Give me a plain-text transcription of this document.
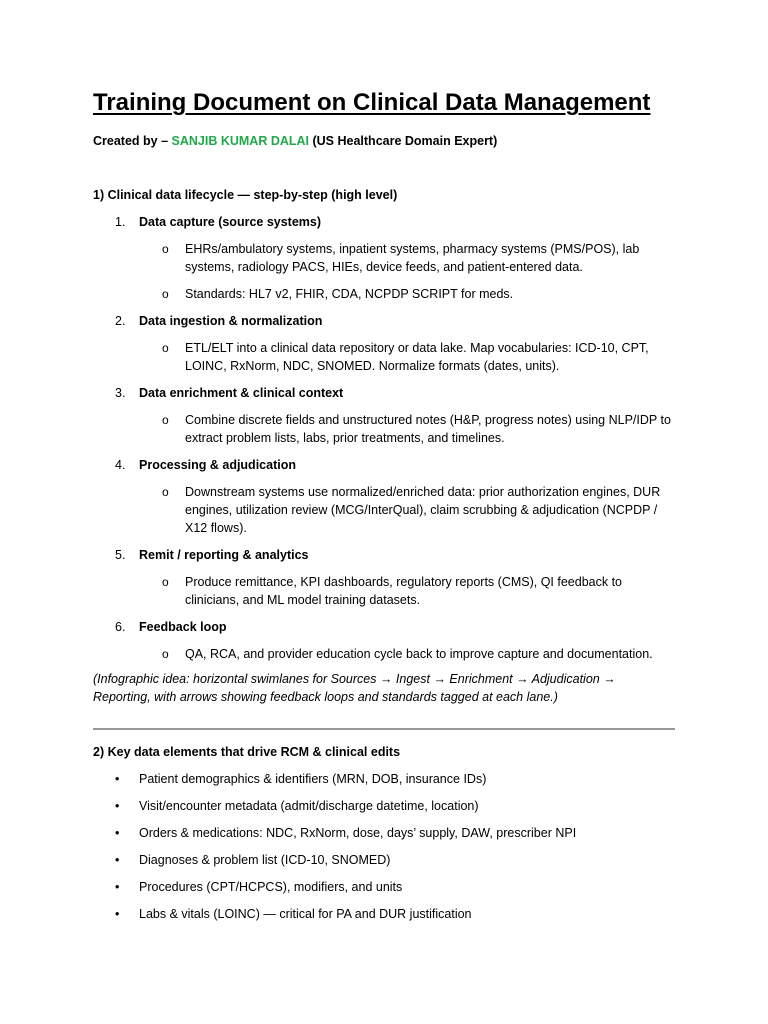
Training Document on Clinical Data Management
Created by – SANJIB KUMAR DALAI (US Healthcare Domain Expert)
1) Clinical data lifecycle — step-by-step (high level)
1.	Data capture (source systems)
o EHRs/ambulatory systems, inpatient systems, pharmacy systems (PMS/POS), lab systems, radiology PACS, HIEs, device feeds, and patient-entered data.
o Standards: HL7 v2, FHIR, CDA, NCPDP SCRIPT for meds.
2.	Data ingestion & normalization
o ETL/ELT into a clinical data repository or data lake. Map vocabularies: ICD-10, CPT, LOINC, RxNorm, NDC, SNOMED. Normalize formats (dates, units).
3.	Data enrichment & clinical context
o Combine discrete fields and unstructured notes (H&P, progress notes) using NLP/IDP to extract problem lists, labs, prior treatments, and timelines.
4.	Processing & adjudication
o Downstream systems use normalized/enriched data: prior authorization engines, DUR engines, utilization review (MCG/InterQual), claim scrubbing & adjudication (NCPDP / X12 flows).
5.	Remit / reporting & analytics
o Produce remittance, KPI dashboards, regulatory reports (CMS), QI feedback to clinicians, and ML model training datasets.
6.	Feedback loop
o QA, RCA, and provider education cycle back to improve capture and documentation.
(Infographic idea: horizontal swimlanes for Sources → Ingest → Enrichment → Adjudication → Reporting, with arrows showing feedback loops and standards tagged at each lane.)
2) Key data elements that drive RCM & clinical edits
• Patient demographics & identifiers (MRN, DOB, insurance IDs)
• Visit/encounter metadata (admit/discharge datetime, location)
• Orders & medications: NDC, RxNorm, dose, days’ supply, DAW, prescriber NPI
• Diagnoses & problem list (ICD-10, SNOMED)
• Procedures (CPT/HCPCS), modifiers, and units
• Labs & vitals (LOINC) — critical for PA and DUR justification
